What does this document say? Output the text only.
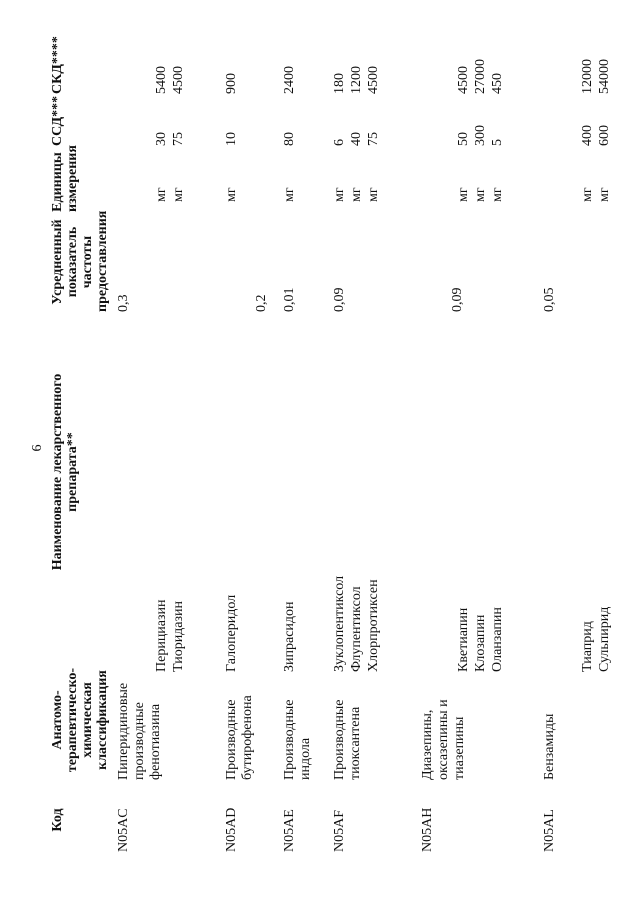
6
Код
Анатомо-терапевтическо-химическая классификация
Наименование лекарственного препарата**
Усредненный показатель частоты предоставления
Единицы измерения
ССД***
СКД****
N05AC
Пиперидиновые производные фенотиазина
0,3
Перициазин
мг
30
5400
Тиоридазин
мг
75
4500
N05AD
Производные бутирофенона
0,2
Галоперидол
мг
10
900
N05AE
Производные индола
0,01
Зипрасидон
мг
80
2400
N05AF
Производные тиоксантена
0,09
Зуклопентиксол
мг
6
180
Флупентиксол
мг
40
1200
Хлорпротиксен
мг
75
4500
N05AH
Диазепины, оксазепины и тиазепины
0,09
Кветиапин
мг
50
4500
Клозапин
мг
300
27000
Оланзапин
мг
5
450
N05AL
Бензамиды
0,05
Тиаприд
мг
400
12000
Сульпирид
мг
600
54000
